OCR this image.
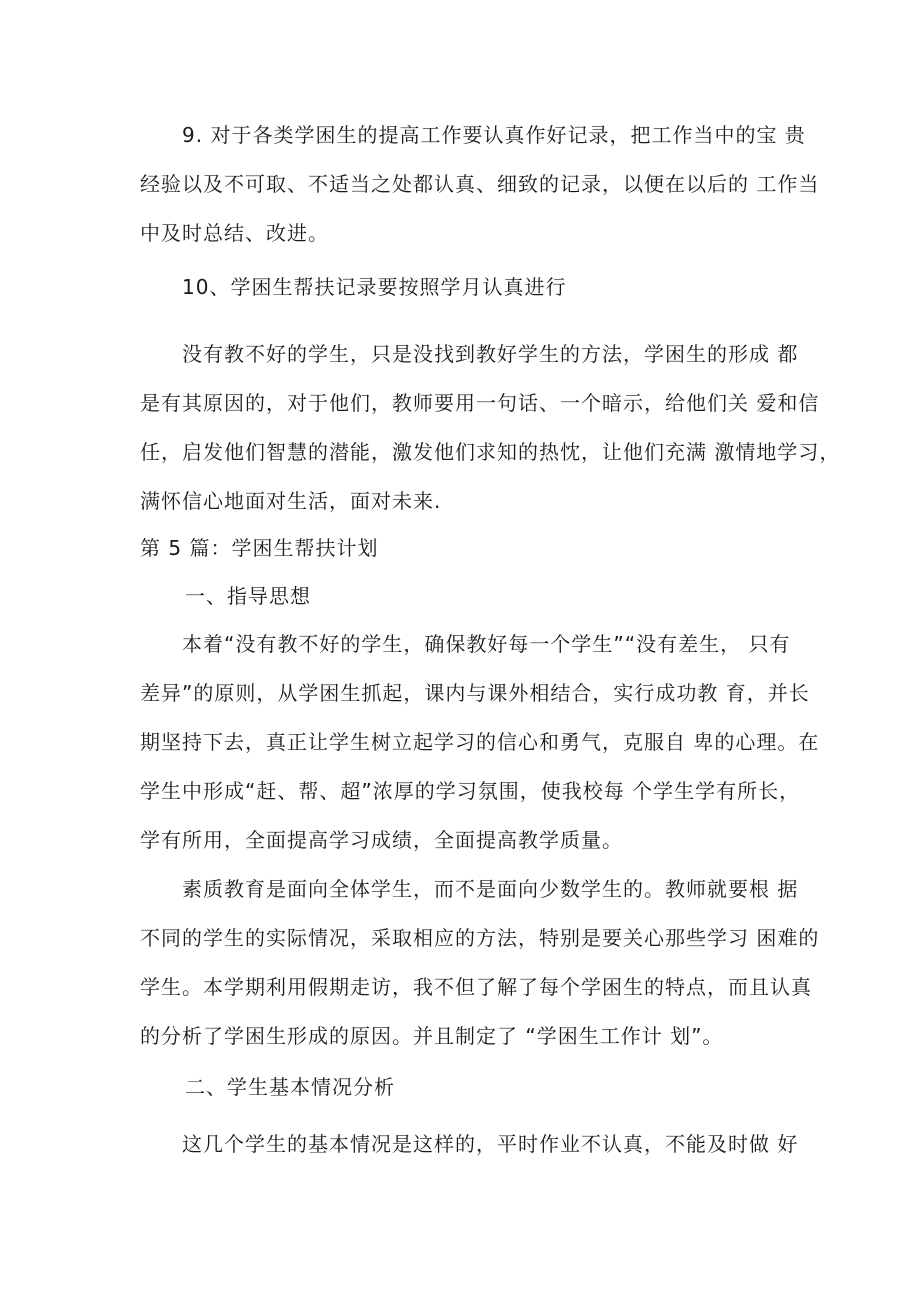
9. 对于各类学困生的提高工作要认真作好记录，把工作当中的宝 贵

经验以及不可取、不适当之处都认真、细致的记录，以便在以后的 工作当

中及时总结、改进。

10、学困生帮扶记录要按照学月认真进行

没有教不好的学生，只是没找到教好学生的方法，学困生的形成 都

是有其原因的，对于他们，教师要用一句话、一个暗示，给他们关 爱和信

任，启发他们智慧的潜能，激发他们求知的热忱，让他们充满 激情地学习，

满怀信心地面对生活，面对未来.

第 5 篇：学困生帮扶计划

一、指导思想

本着“没有教不好的学生，确保教好每一个学生”“没有差生， 只有

差异”的原则，从学困生抓起，课内与课外相结合，实行成功教 育，并长

期坚持下去，真正让学生树立起学习的信心和勇气，克服自 卑的心理。在

学生中形成“赶、帮、超”浓厚的学习氛围，使我校每 个学生学有所长，

学有所用，全面提高学习成绩，全面提高教学质量。

素质教育是面向全体学生，而不是面向少数学生的。教师就要根 据

不同的学生的实际情况，采取相应的方法，特别是要关心那些学习 困难的

学生。本学期利用假期走访，我不但了解了每个学困生的特点，而且认真

的分析了学困生形成的原因。并且制定了 “学困生工作计 划”。

二、学生基本情况分析

这几个学生的基本情况是这样的，平时作业不认真，不能及时做 好
